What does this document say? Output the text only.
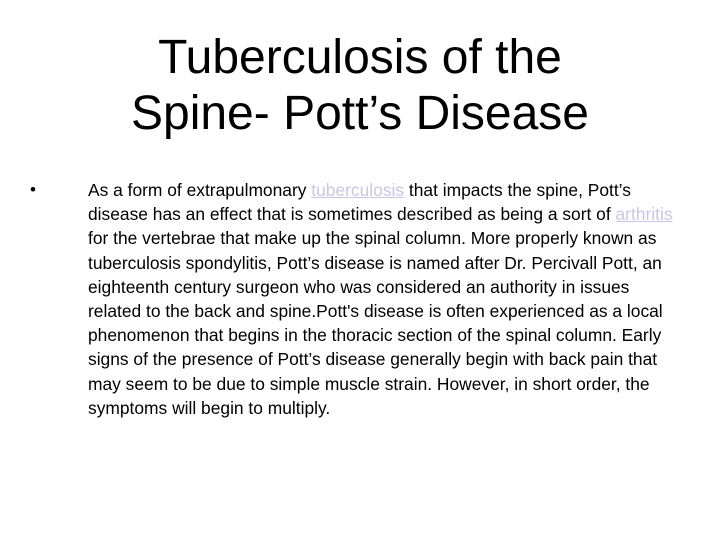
Tuberculosis of the
Spine- Pott’s Disease
•	As a form of extrapulmonary tuberculosis that impacts the spine, Pott’s disease has an effect that is sometimes described as being a sort of arthritis for the vertebrae that make up the spinal column. More properly known as tuberculosis spondylitis, Pott’s disease is named after Dr. Percivall Pott, an eighteenth century surgeon who was considered an authority in issues related to the back and spine.Pott's disease is often experienced as a local phenomenon that begins in the thoracic section of the spinal column. Early signs of the presence of Pott’s disease generally begin with back pain that may seem to be due to simple muscle strain. However, in short order, the symptoms will begin to multiply.
